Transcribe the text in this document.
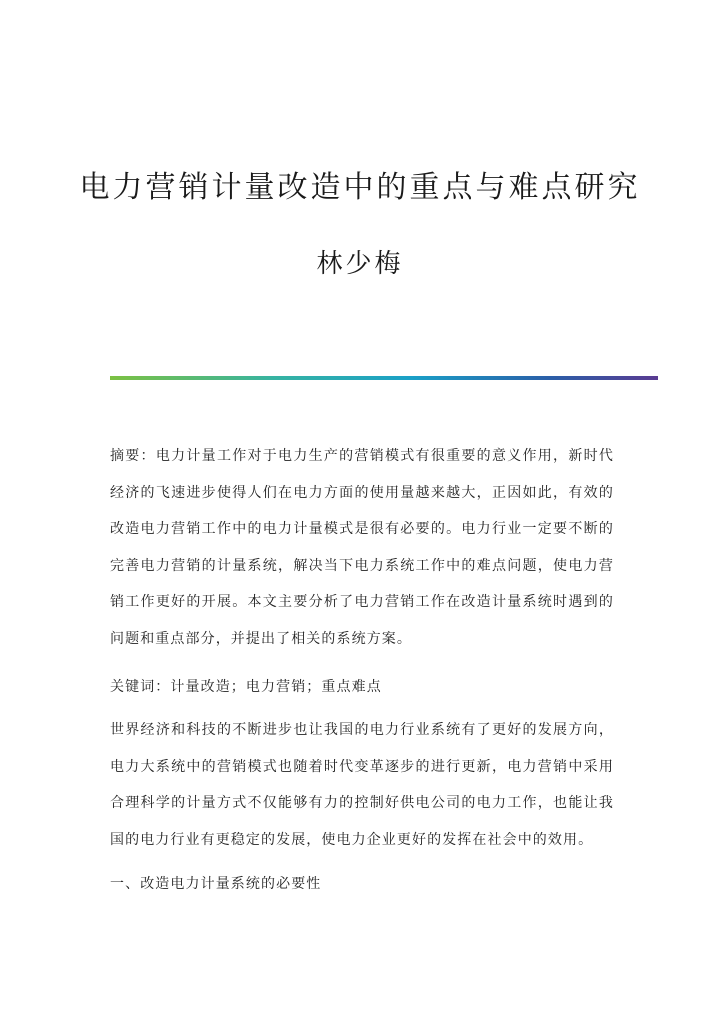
电力营销计量改造中的重点与难点研究
林少梅

摘要：电力计量工作对于电力生产的营销模式有很重要的意义作用，新时代经济的飞速进步使得人们在电力方面的使用量越来越大，正因如此，有效的改造电力营销工作中的电力计量模式是很有必要的。电力行业一定要不断的完善电力营销的计量系统，解决当下电力系统工作中的难点问题，使电力营销工作更好的开展。本文主要分析了电力营销工作在改造计量系统时遇到的问题和重点部分，并提出了相关的系统方案。

关键词：计量改造；电力营销；重点难点

世界经济和科技的不断进步也让我国的电力行业系统有了更好的发展方向，电力大系统中的营销模式也随着时代变革逐步的进行更新，电力营销中采用合理科学的计量方式不仅能够有力的控制好供电公司的电力工作，也能让我国的电力行业有更稳定的发展，使电力企业更好的发挥在社会中的效用。

一、改造电力计量系统的必要性
